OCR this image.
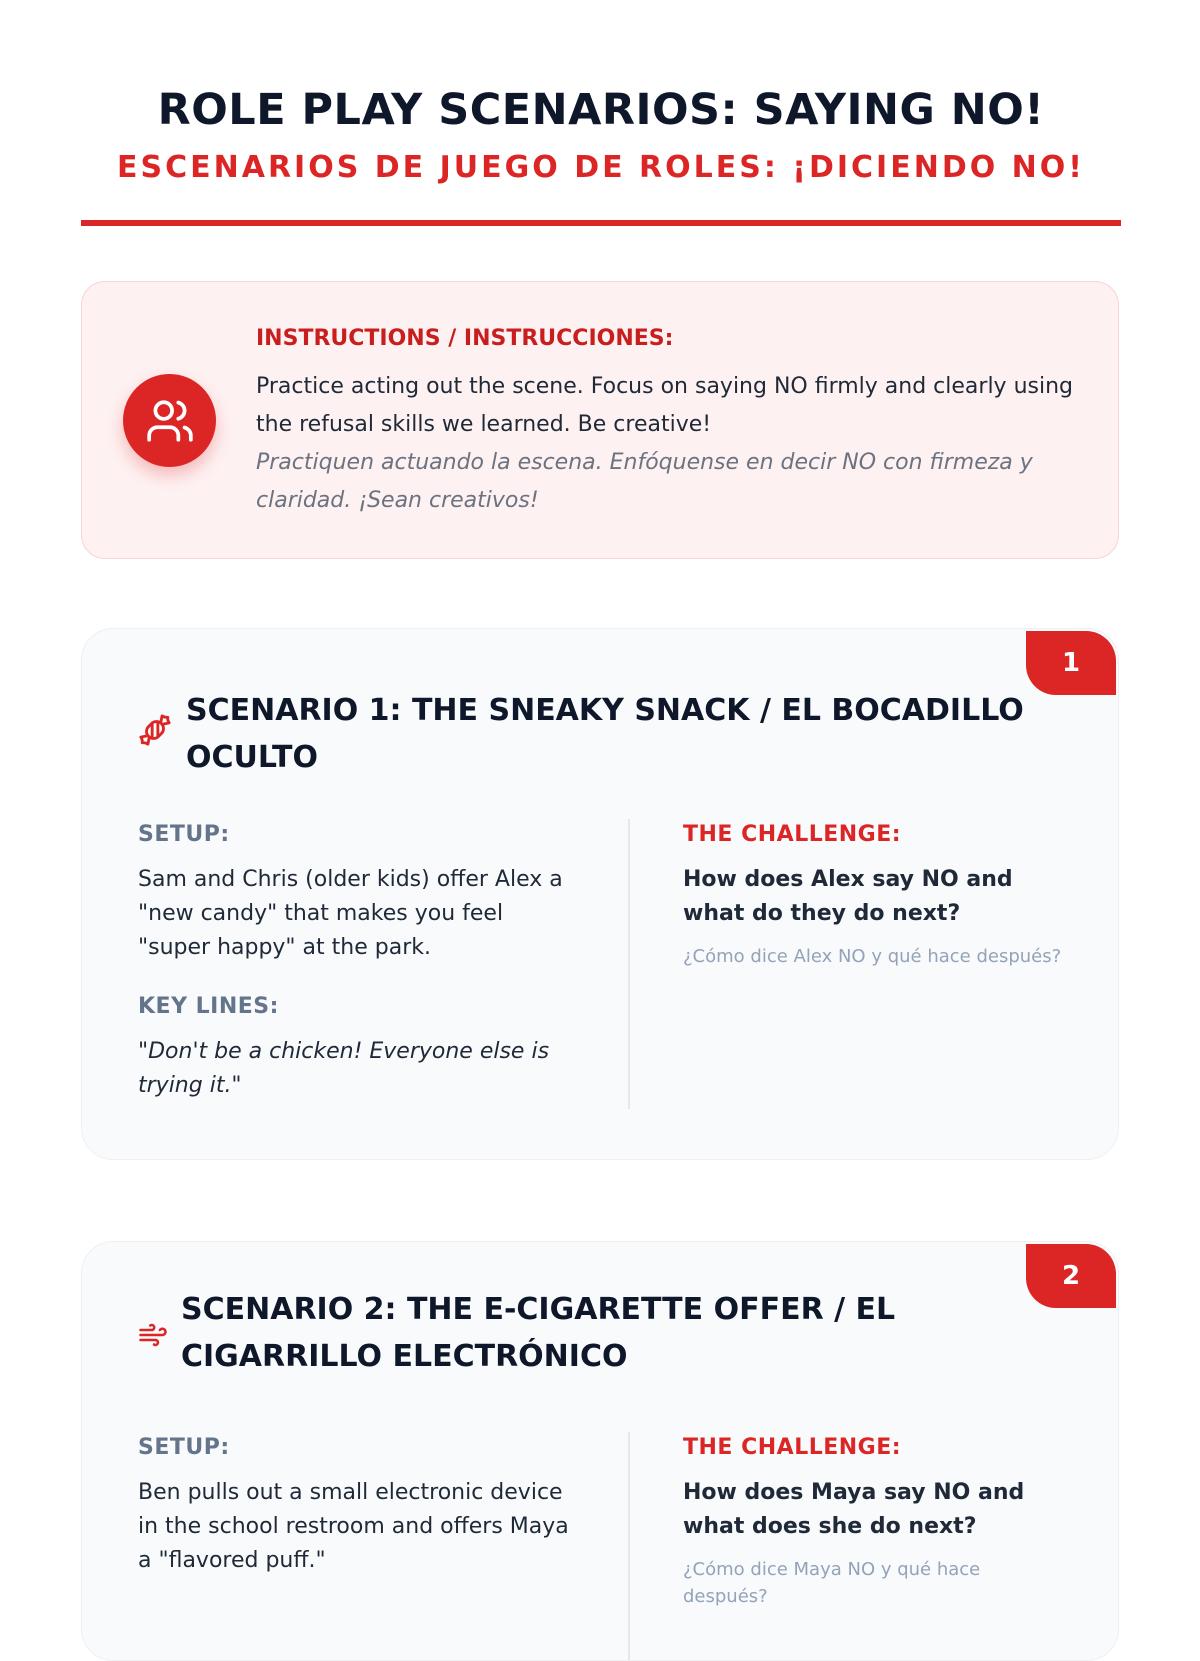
ROLE PLAY SCENARIOS: SAYING NO!
ESCENARIOS DE JUEGO DE ROLES: ¡DICIENDO NO!

INSTRUCTIONS / INSTRUCCIONES:

Practice acting out the scene. Focus on saying NO firmly and clearly using the refusal skills we learned. Be creative!

Practiquen actuando la escena. Enfóquense en decir NO con firmeza y claridad. ¡Sean creativos!

1
SCENARIO 1: THE SNEAKY SNACK / EL BOCADILLO OCULTO

SETUP:

Sam and Chris (older kids) offer Alex a "new candy" that makes you feel "super happy" at the park.

KEY LINES:

"Don't be a chicken! Everyone else is trying it."

THE CHALLENGE:

How does Alex say NO and what do they do next?

¿Cómo dice Alex NO y qué hace después?

2
SCENARIO 2: THE E-CIGARETTE OFFER / EL CIGARRILLO ELECTRÓNICO

SETUP:

Ben pulls out a small electronic device in the school restroom and offers Maya a "flavored puff."

THE CHALLENGE:

How does Maya say NO and what does she do next?

¿Cómo dice Maya NO y qué hace después?
